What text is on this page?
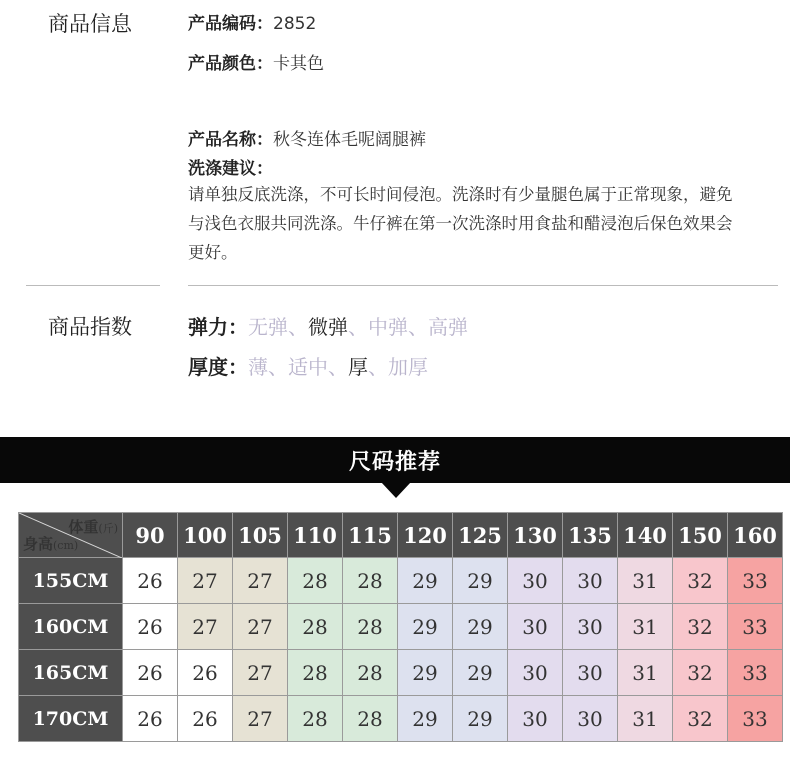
商品信息	产品编码：2852
产品颜色：卡其色
产品名称：秋冬连体毛呢阔腿裤
洗涤建议：
请单独反底洗涤，不可长时间侵泡。洗涤时有少量腿色属于正常现象，避免与浅色衣服共同洗涤。牛仔裤在第一次洗涤时用食盐和醋浸泡后保色效果会更好。
商品指数	弹力：无弹、微弹、中弹、高弹
厚度：薄、适中、厚、加厚
尺码推荐
体重(斤)
身高(cm)	90	100	105	110	115	120	125	130	135	140	150	160
155CM	26	27	27	28	28	29	29	30	30	31	32	33
160CM	26	27	27	28	28	29	29	30	30	31	32	33
165CM	26	26	27	28	28	29	29	30	30	31	32	33
170CM	26	26	27	28	28	29	29	30	30	31	32	33
